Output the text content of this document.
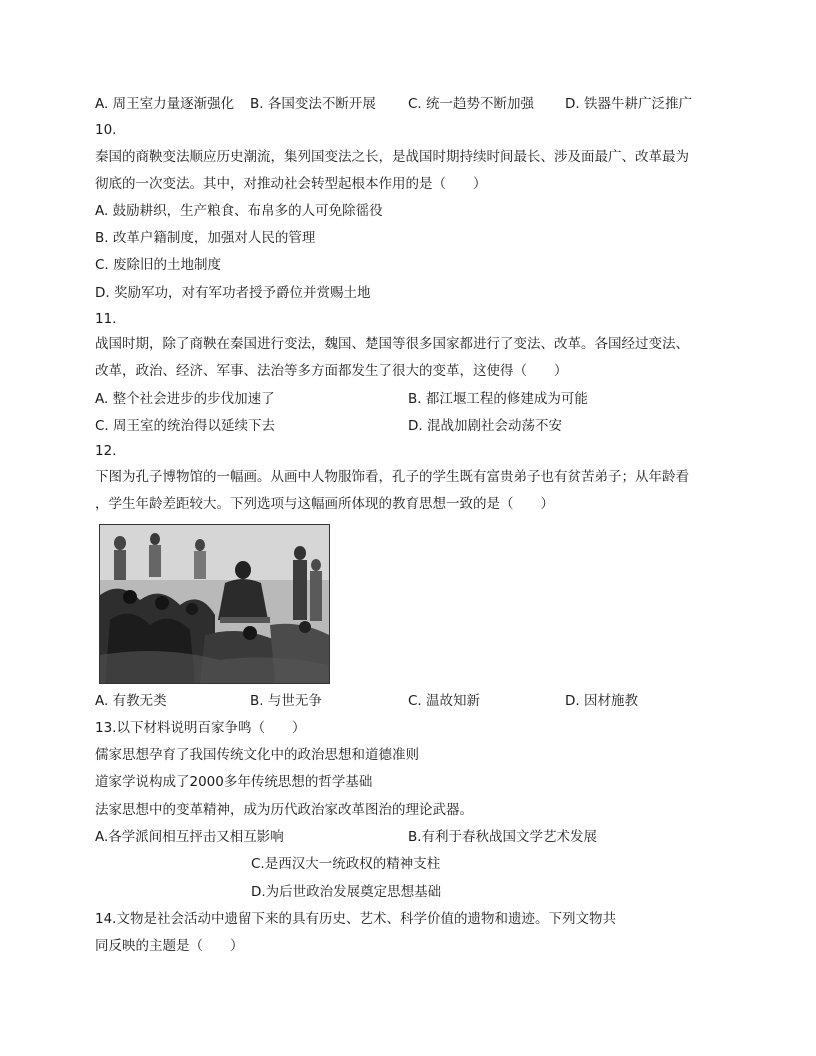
A. 周王室力量逐渐强化 B. 各国变法不断开展 C. 统一趋势不断加强 D. 铁器牛耕广泛推广
10.
秦国的商鞅变法顺应历史潮流，集列国变法之长，是战国时期持续时间最长、涉及面最广、改革最为
彻底的一次变法。其中，对推动社会转型起根本作用的是（　　）
A. 鼓励耕织，生产粮食、布帛多的人可免除徭役
B. 改革户籍制度，加强对人民的管理
C. 废除旧的土地制度
D. 奖励军功，对有军功者授予爵位并赏赐土地
11.
战国时期，除了商鞅在秦国进行变法，魏国、楚国等很多国家都进行了变法、改革。各国经过变法、
改革，政治、经济、军事、法治等多方面都发生了很大的变革，这使得（　　）
A. 整个社会进步的步伐加速了	B. 都江堰工程的修建成为可能
C. 周王室的统治得以延续下去	D. 混战加剧社会动荡不安
12.
下图为孔子博物馆的一幅画。从画中人物服饰看，孔子的学生既有富贵弟子也有贫苦弟子；从年龄看
，学生年龄差距较大。下列选项与这幅画所体现的教育思想一致的是（　　）
A. 有教无类	B. 与世无争	C. 温故知新	D. 因材施教
13.以下材料说明百家争鸣（　　）
儒家思想孕育了我国传统文化中的政治思想和道德准则
道家学说构成了2000多年传统思想的哲学基础
法家思想中的变革精神，成为历代政治家改革图治的理论武器。
A.各学派间相互抨击又相互影响	B.有利于春秋战国文学艺术发展
C.是西汉大一统政权的精神支柱
D.为后世政治发展奠定思想基础
14.文物是社会活动中遗留下来的具有历史、艺术、科学价值的遗物和遗迹。下列文物共
同反映的主题是（　　）
